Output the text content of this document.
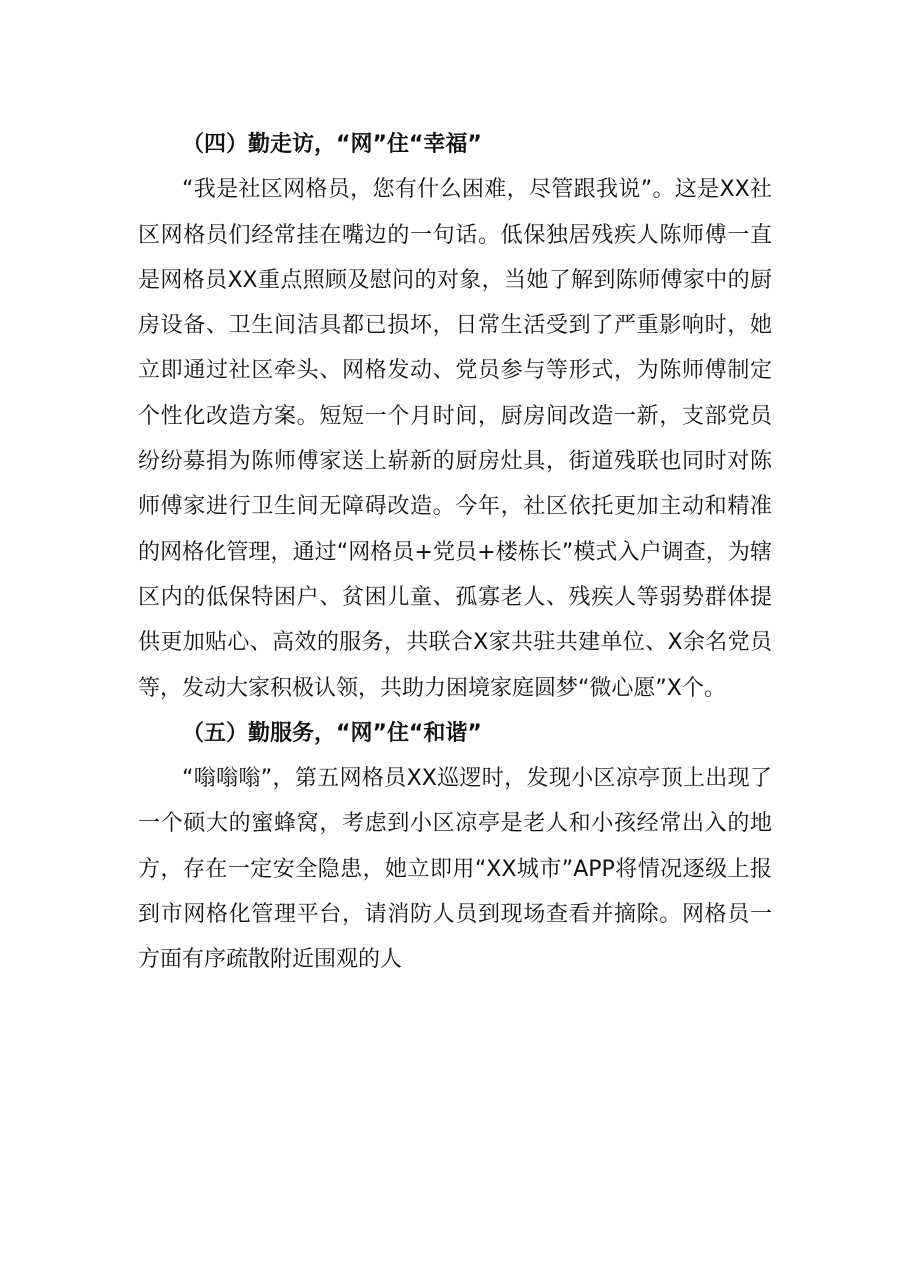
（四）勤走访，“网”住“幸福”

“我是社区网格员，您有什么困难，尽管跟我说”。这是XX社区网格员们经常挂在嘴边的一句话。低保独居残疾人陈师傅一直是网格员XX重点照顾及慰问的对象，当她了解到陈师傅家中的厨房设备、卫生间洁具都已损坏，日常生活受到了严重影响时，她立即通过社区牵头、网格发动、党员参与等形式，为陈师傅制定个性化改造方案。短短一个月时间，厨房间改造一新，支部党员纷纷募捐为陈师傅家送上崭新的厨房灶具，街道残联也同时对陈师傅家进行卫生间无障碍改造。今年，社区依托更加主动和精准的网格化管理，通过“网格员+党员+楼栋长”模式入户调查，为辖区内的低保特困户、贫困儿童、孤寡老人、残疾人等弱势群体提供更加贴心、高效的服务，共联合X家共驻共建单位、X余名党员等，发动大家积极认领，共助力困境家庭圆梦“微心愿”X个。

（五）勤服务，“网”住“和谐”

“嗡嗡嗡”，第五网格员XX巡逻时，发现小区凉亭顶上出现了一个硕大的蜜蜂窝，考虑到小区凉亭是老人和小孩经常出入的地方，存在一定安全隐患，她立即用“XX城市”APP将情况逐级上报到市网格化管理平台，请消防人员到现场查看并摘除。网格员一方面有序疏散附近围观的人
